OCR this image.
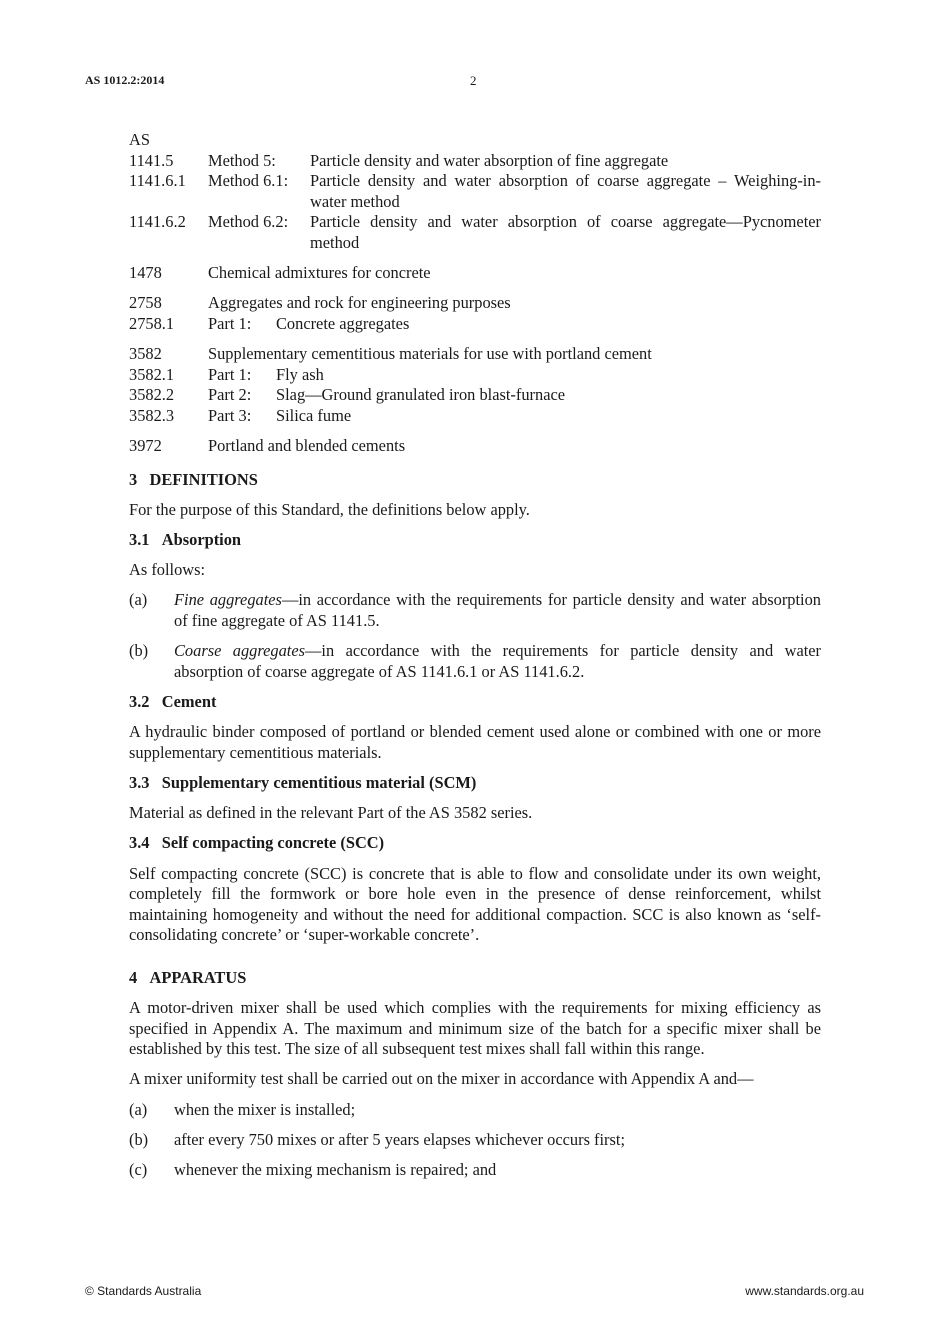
AS 1012.2:2014	2
AS
1141.5	Method 5:	Particle density and water absorption of fine aggregate
1141.6.1	Method 6.1:	Particle density and water absorption of coarse aggregate – Weighing-in-water method
1141.6.2	Method 6.2:	Particle density and water absorption of coarse aggregate—Pycnometer method
1478	Chemical admixtures for concrete
2758	Aggregates and rock for engineering purposes
2758.1	Part 1:	Concrete aggregates
3582	Supplementary cementitious materials for use with portland cement
3582.1	Part 1:	Fly ash
3582.2	Part 2:	Slag—Ground granulated iron blast-furnace
3582.3	Part 3:	Silica fume
3972	Portland and blended cements
3 DEFINITIONS

For the purpose of this Standard, the definitions below apply.

3.1 Absorption

As follows:

(a)	Fine aggregates—in accordance with the requirements for particle density and water absorption of fine aggregate of AS 1141.5.
(b)	Coarse aggregates—in accordance with the requirements for particle density and water absorption of coarse aggregate of AS 1141.6.1 or AS 1141.6.2.
3.2 Cement

A hydraulic binder composed of portland or blended cement used alone or combined with one or more supplementary cementitious materials.

3.3 Supplementary cementitious material (SCM)

Material as defined in the relevant Part of the AS 3582 series.

3.4 Self compacting concrete (SCC)

Self compacting concrete (SCC) is concrete that is able to flow and consolidate under its own weight, completely fill the formwork or bore hole even in the presence of dense reinforcement, whilst maintaining homogeneity and without the need for additional compaction. SCC is also known as ‘self-consolidating concrete’ or ‘super-workable concrete’.

4 APPARATUS

A motor-driven mixer shall be used which complies with the requirements for mixing efficiency as specified in Appendix A. The maximum and minimum size of the batch for a specific mixer shall be established by this test. The size of all subsequent test mixes shall fall within this range.

A mixer uniformity test shall be carried out on the mixer in accordance with Appendix A and—

(a)	when the mixer is installed;
(b)	after every 750 mixes or after 5 years elapses whichever occurs first;
(c)	whenever the mixing mechanism is repaired; and
© Standards Australia	www.standards.org.au
